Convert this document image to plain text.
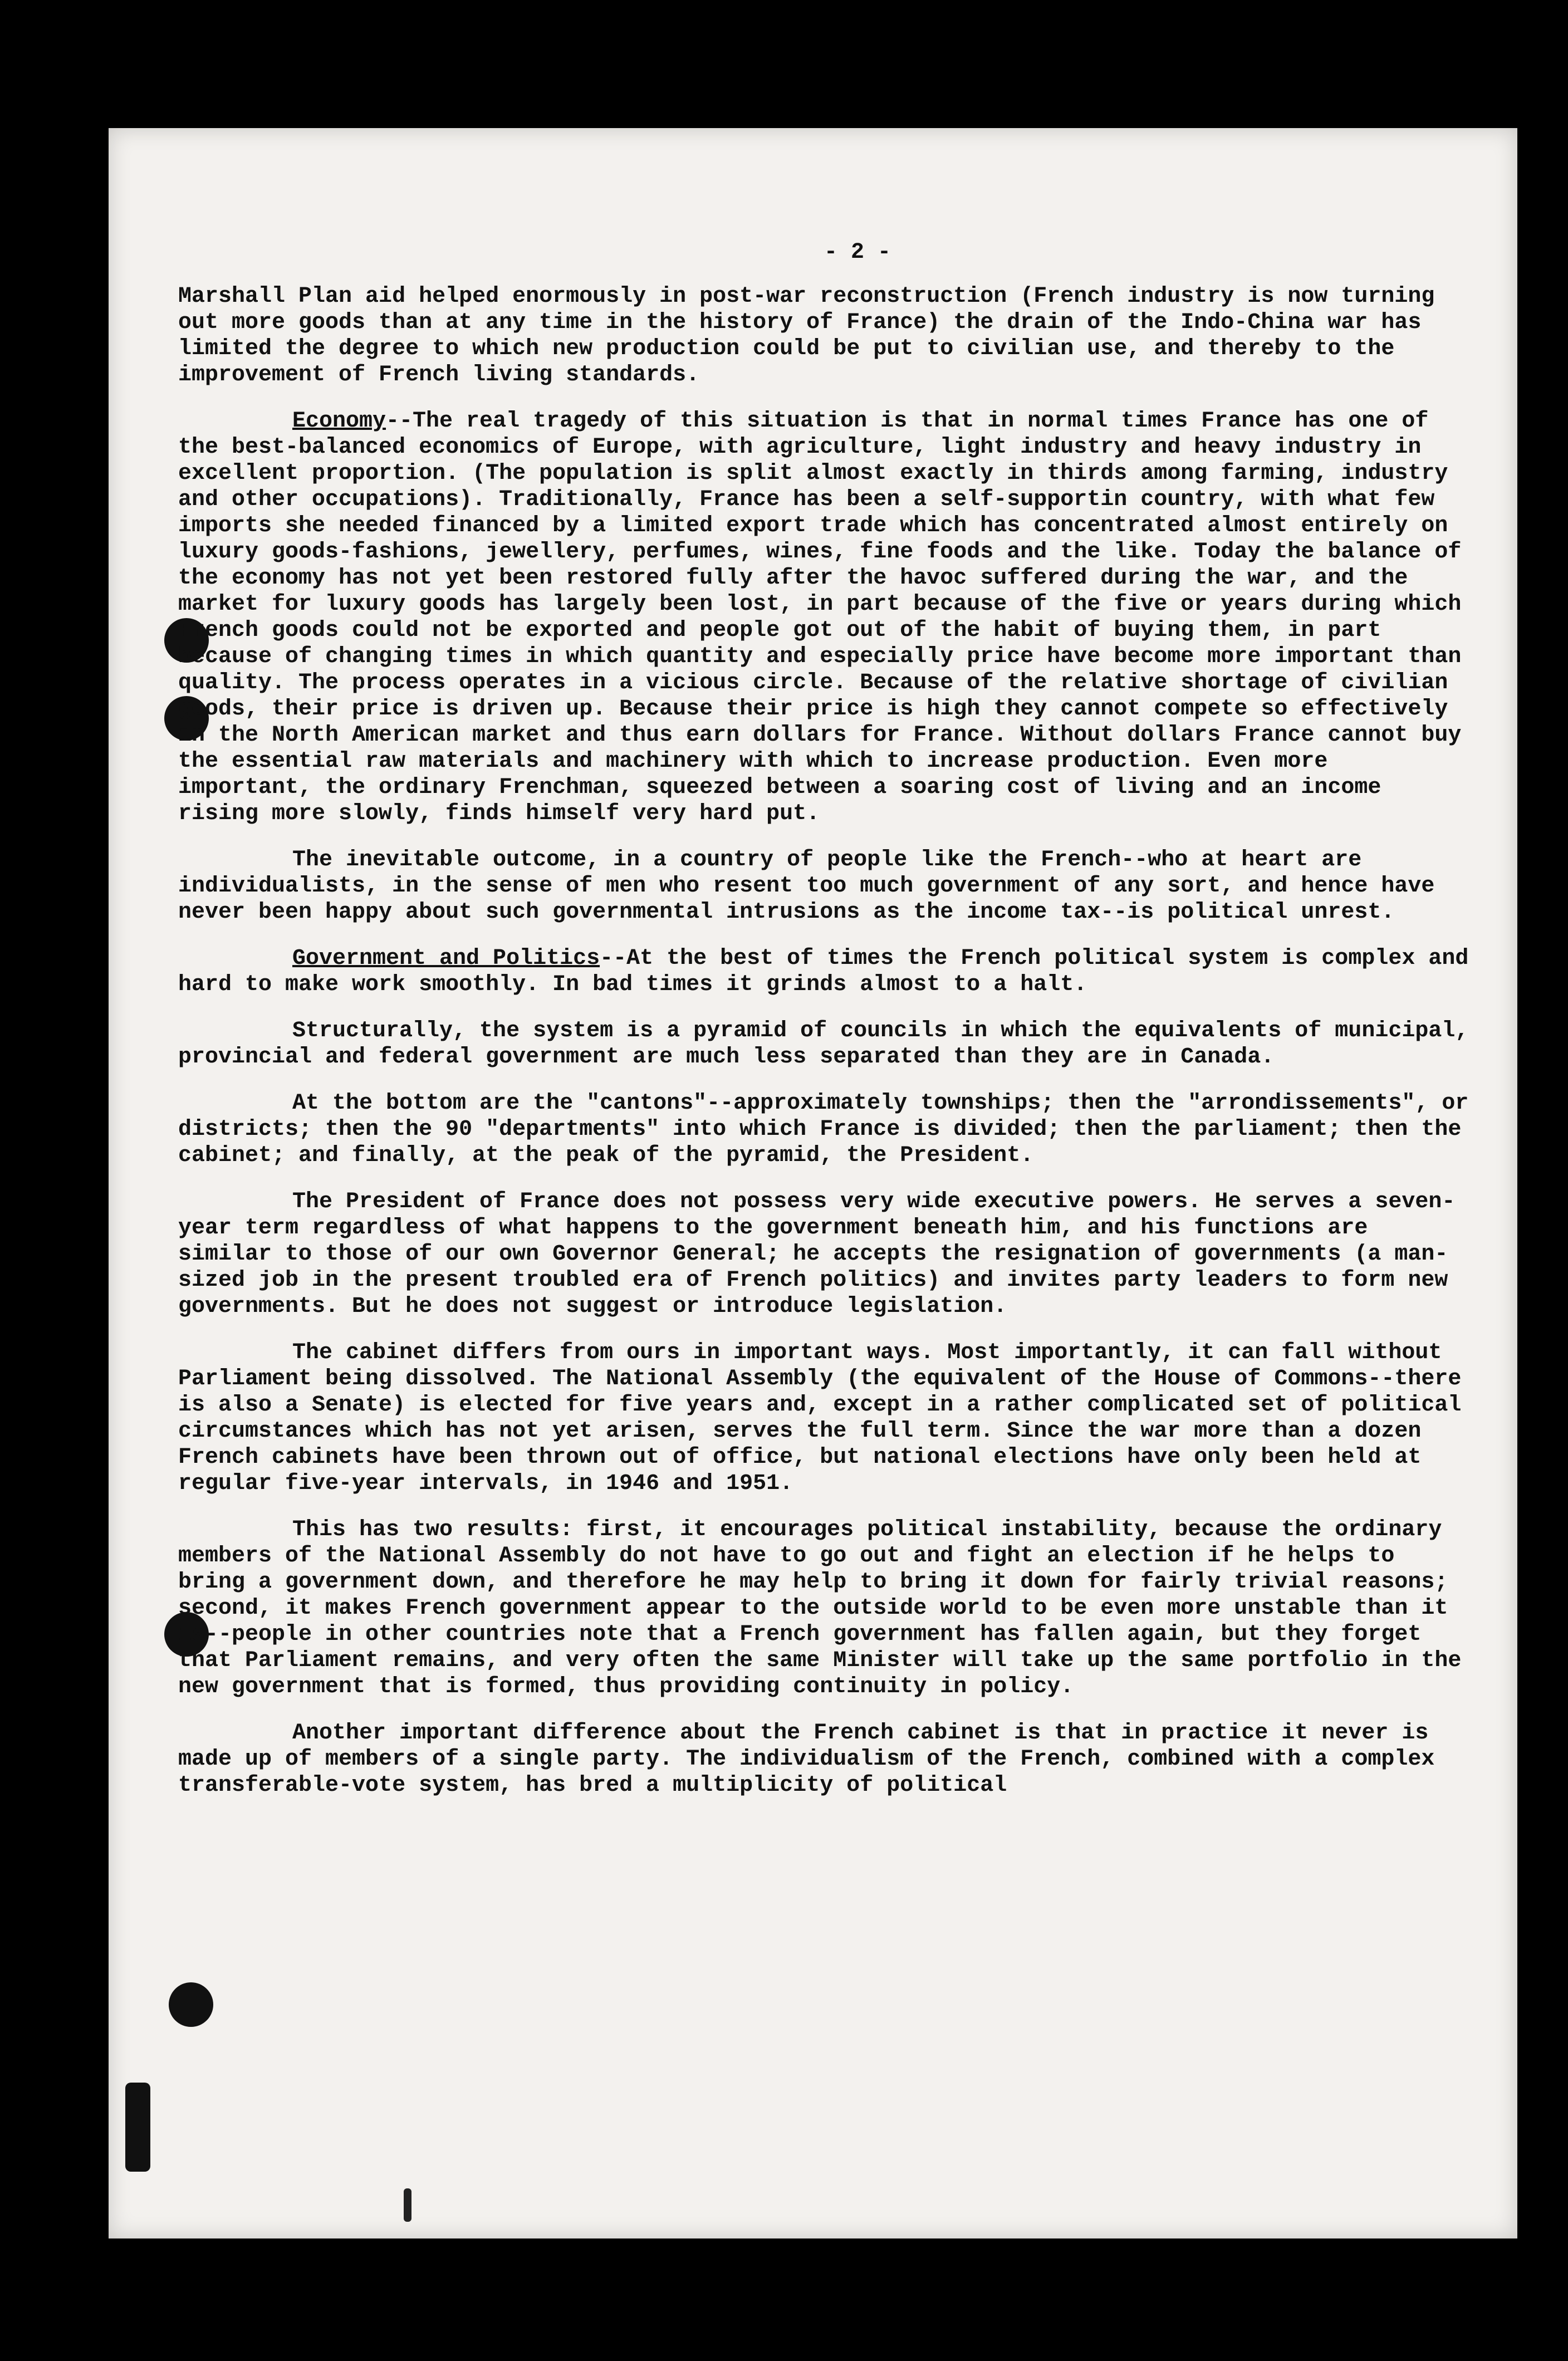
- 2 -

Marshall Plan aid helped enormously in post-war reconstruction (French industry is now turning out more goods than at any time in the history of France) the drain of the Indo-China war has limited the degree to which new production could be put to civilian use, and thereby to the improvement of French living standards.

Economy--The real tragedy of this situation is that in normal times France has one of the best-balanced economics of Europe, with agriculture, light industry and heavy industry in excellent proportion. (The population is split almost exactly in thirds among farming, industry and other occupations). Traditionally, France has been a self-supportin country, with what few imports she needed financed by a limited export trade which has concentrated almost entirely on luxury goods-fashions, jewellery, perfumes, wines, fine foods and the like. Today the balance of the economy has not yet been restored fully after the havoc suffered during the war, and the market for luxury goods has largely been lost, in part because of the five or years during which French goods could not be exported and people got out of the habit of buying them, in part because of changing times in which quantity and especially price have become more important than quality. The process operates in a vicious circle. Because of the relative shortage of civilian goods, their price is driven up. Because their price is high they cannot compete so effectively in the North American market and thus earn dollars for France. Without dollars France cannot buy the essential raw materials and machinery with which to increase production. Even more important, the ordinary Frenchman, squeezed between a soaring cost of living and an income rising more slowly, finds himself very hard put.

The inevitable outcome, in a country of people like the French--who at heart are individualists, in the sense of men who resent too much government of any sort, and hence have never been happy about such governmental intrusions as the income tax--is political unrest.

Government and Politics--At the best of times the French political system is complex and hard to make work smoothly. In bad times it grinds almost to a halt.

Structurally, the system is a pyramid of councils in which the equivalents of municipal, provincial and federal government are much less separated than they are in Canada.

At the bottom are the "cantons"--approximately townships; then the "arrondissements", or districts; then the 90 "departments" into which France is divided; then the parliament; then the cabinet; and finally, at the peak of the pyramid, the President.

The President of France does not possess very wide executive powers. He serves a seven-year term regardless of what happens to the government beneath him, and his functions are similar to those of our own Governor General; he accepts the resignation of governments (a man-sized job in the present troubled era of French politics) and invites party leaders to form new governments. But he does not suggest or introduce legislation.

The cabinet differs from ours in important ways. Most importantly, it can fall without Parliament being dissolved. The National Assembly (the equivalent of the House of Commons--there is also a Senate) is elected for five years and, except in a rather complicated set of political circumstances which has not yet arisen, serves the full term. Since the war more than a dozen French cabinets have been thrown out of office, but national elections have only been held at regular five-year intervals, in 1946 and 1951.

This has two results: first, it encourages political instability, because the ordinary members of the National Assembly do not have to go out and fight an election if he helps to bring a government down, and therefore he may help to bring it down for fairly trivial reasons; second, it makes French government appear to the outside world to be even more unstable than it is--people in other countries note that a French government has fallen again, but they forget that Parliament remains, and very often the same Minister will take up the same portfolio in the new government that is formed, thus providing continuity in policy.

Another important difference about the French cabinet is that in practice it never is made up of members of a single party. The individualism of the French, combined with a complex transferable-vote system, has bred a multiplicity of political
